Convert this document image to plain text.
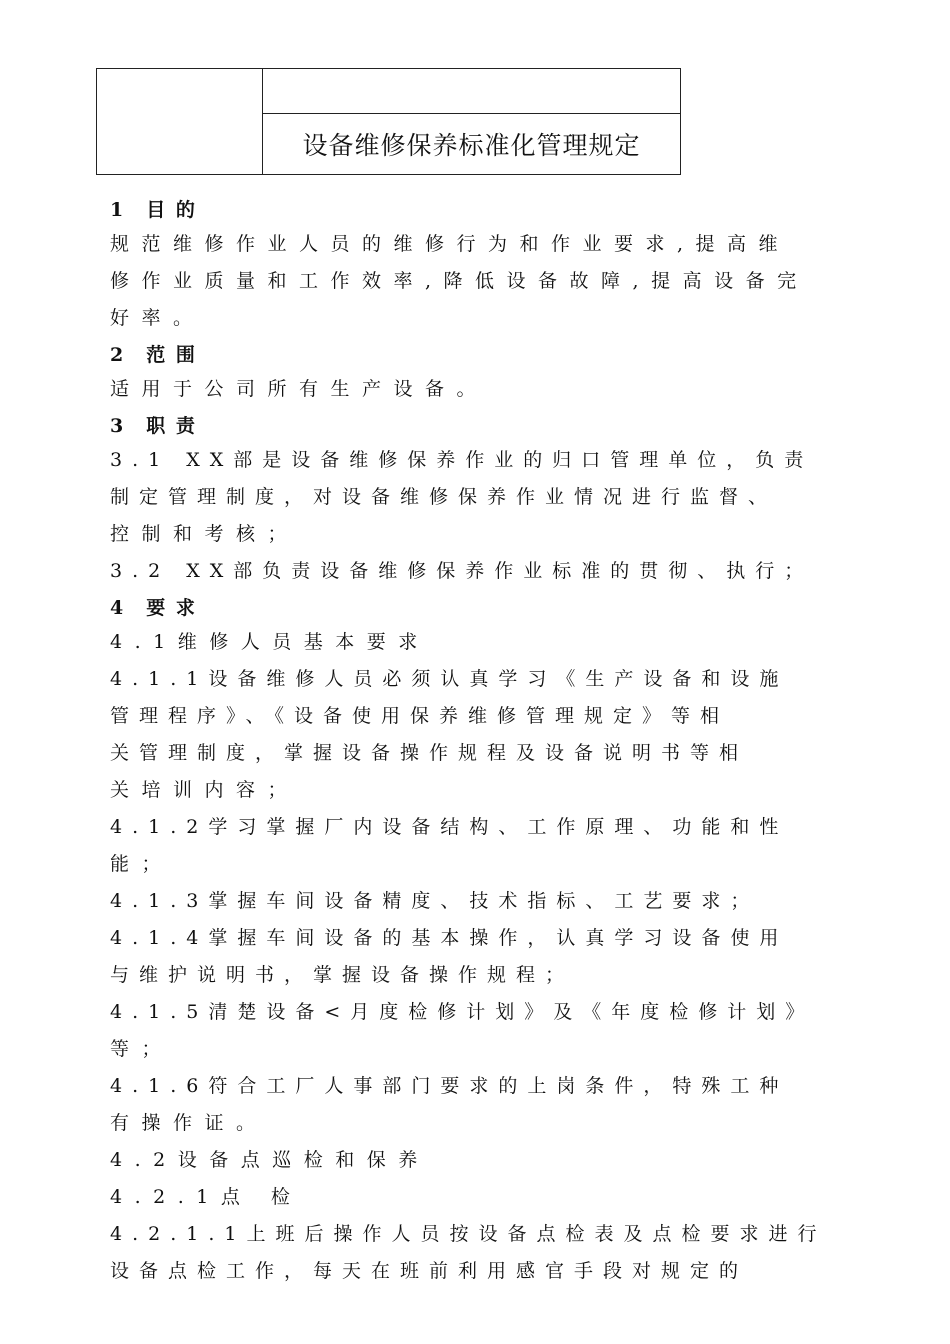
设备维修保养标准化管理规定
1　目 的
规范维修作业人员的维修行为和作业要求,提高维
修作业质量和工作效率,降低设备故障,提高设备完
好率。
2　范 围
适用于公司所有生产设备。
3　职 责
3.1 XX部是设备维修保养作业的归口管理单位，负责
制定管理制度，对设备维修保养作业情况进行监督、
控制和考核；
3.2 XX部负责设备维修保养作业标准的贯彻、执行；
4　要 求
4.1维修人员基本要求
4.1.1设备维修人员必须认真学习《生产设备和设施
管理程序》、《设备使用保养维修管理规定》等相
关管理制度，掌握设备操作规程及设备说明书等相
关培训内容；
4.1.2学习掌握厂内设备结构、工作原理、功能和性
能；
4.1.3掌握车间设备精度、技术指标、工艺要求；
4.1.4掌握车间设备的基本操作，认真学习设备使用
与维护说明书，掌握设备操作规程；
4.1.5清楚设备<月度检修计划》及《年度检修计划》
等；
4.1.6符合工厂人事部门要求的上岗条件，特殊工种
有操作证。
4.2设备点巡检和保养
4.2.1点 检
4.2.1.1上班后操作人员按设备点检表及点检要求进行
设备点检工作，每天在班前利用感官手段对规定的
